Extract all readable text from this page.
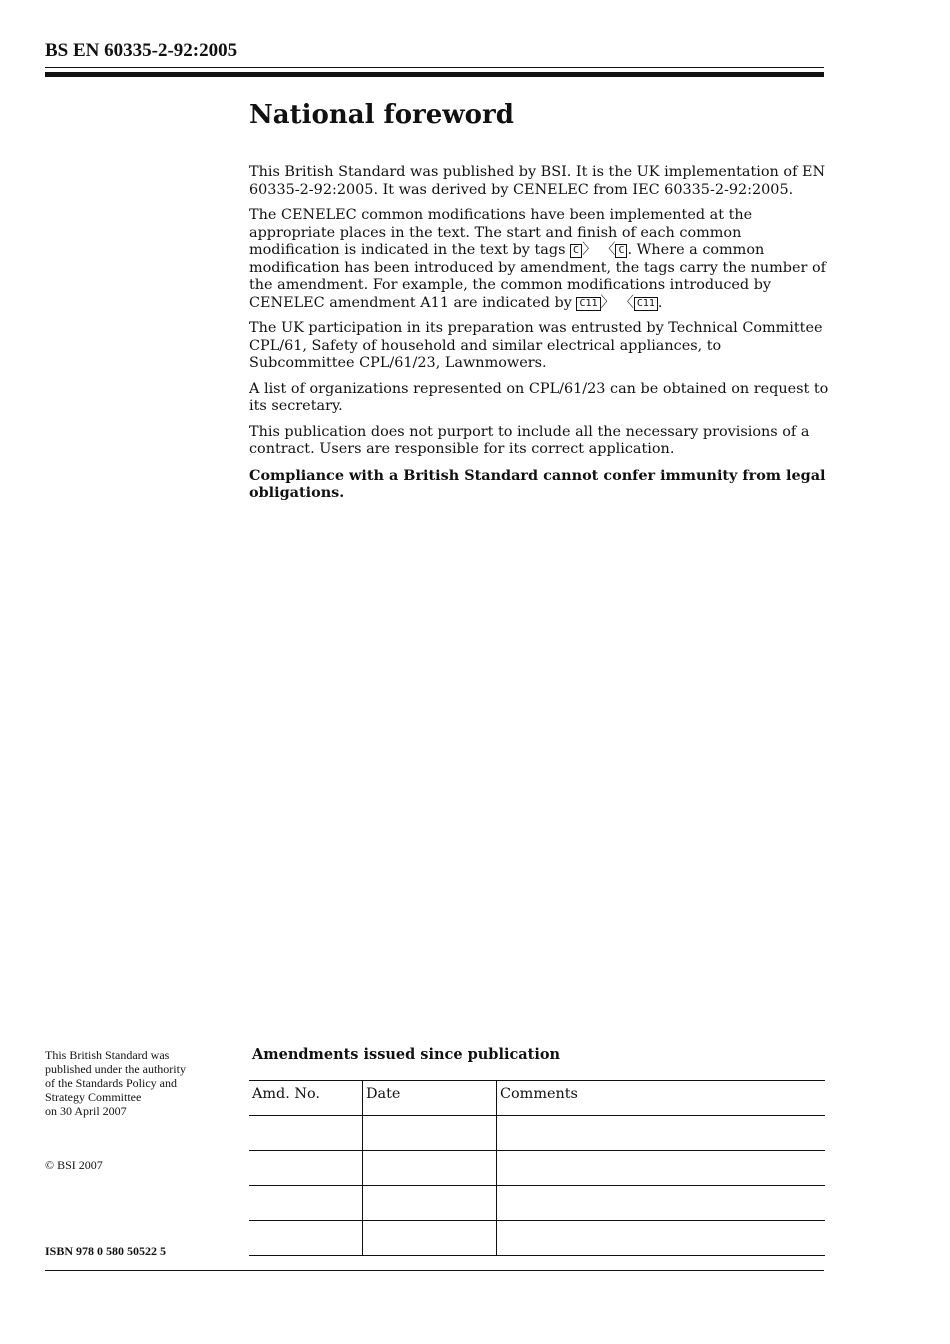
BS EN 60335-2-92:2005
National foreword

This British Standard was published by BSI. It is the UK implementation of EN 60335-2-92:2005. It was derived by CENELEC from IEC 60335-2-92:2005.

The CENELEC common modifications have been implemented at the appropriate places in the text. The start and finish of each common modification is indicated in the text by tags C 〉 〈 C . Where a common modification has been introduced by amendment, the tags carry the number of the amendment. For example, the common modifications introduced by CENELEC amendment A11 are indicated by C11 〉 〈 C11 .

The UK participation in its preparation was entrusted by Technical Committee CPL/61, Safety of household and similar electrical appliances, to Subcommittee CPL/61/23, Lawnmowers.

A list of organizations represented on CPL/61/23 can be obtained on request to its secretary.

This publication does not purport to include all the necessary provisions of a contract. Users are responsible for its correct application.

Compliance with a British Standard cannot confer immunity from legal obligations.

This British Standard was
published under the authority
of the Standards Policy and
Strategy Committee
on 30 April 2007
© BSI 2007
ISBN 978 0 580 50522 5
Amendments issued since publication
Amd. No.	Date	Comments
